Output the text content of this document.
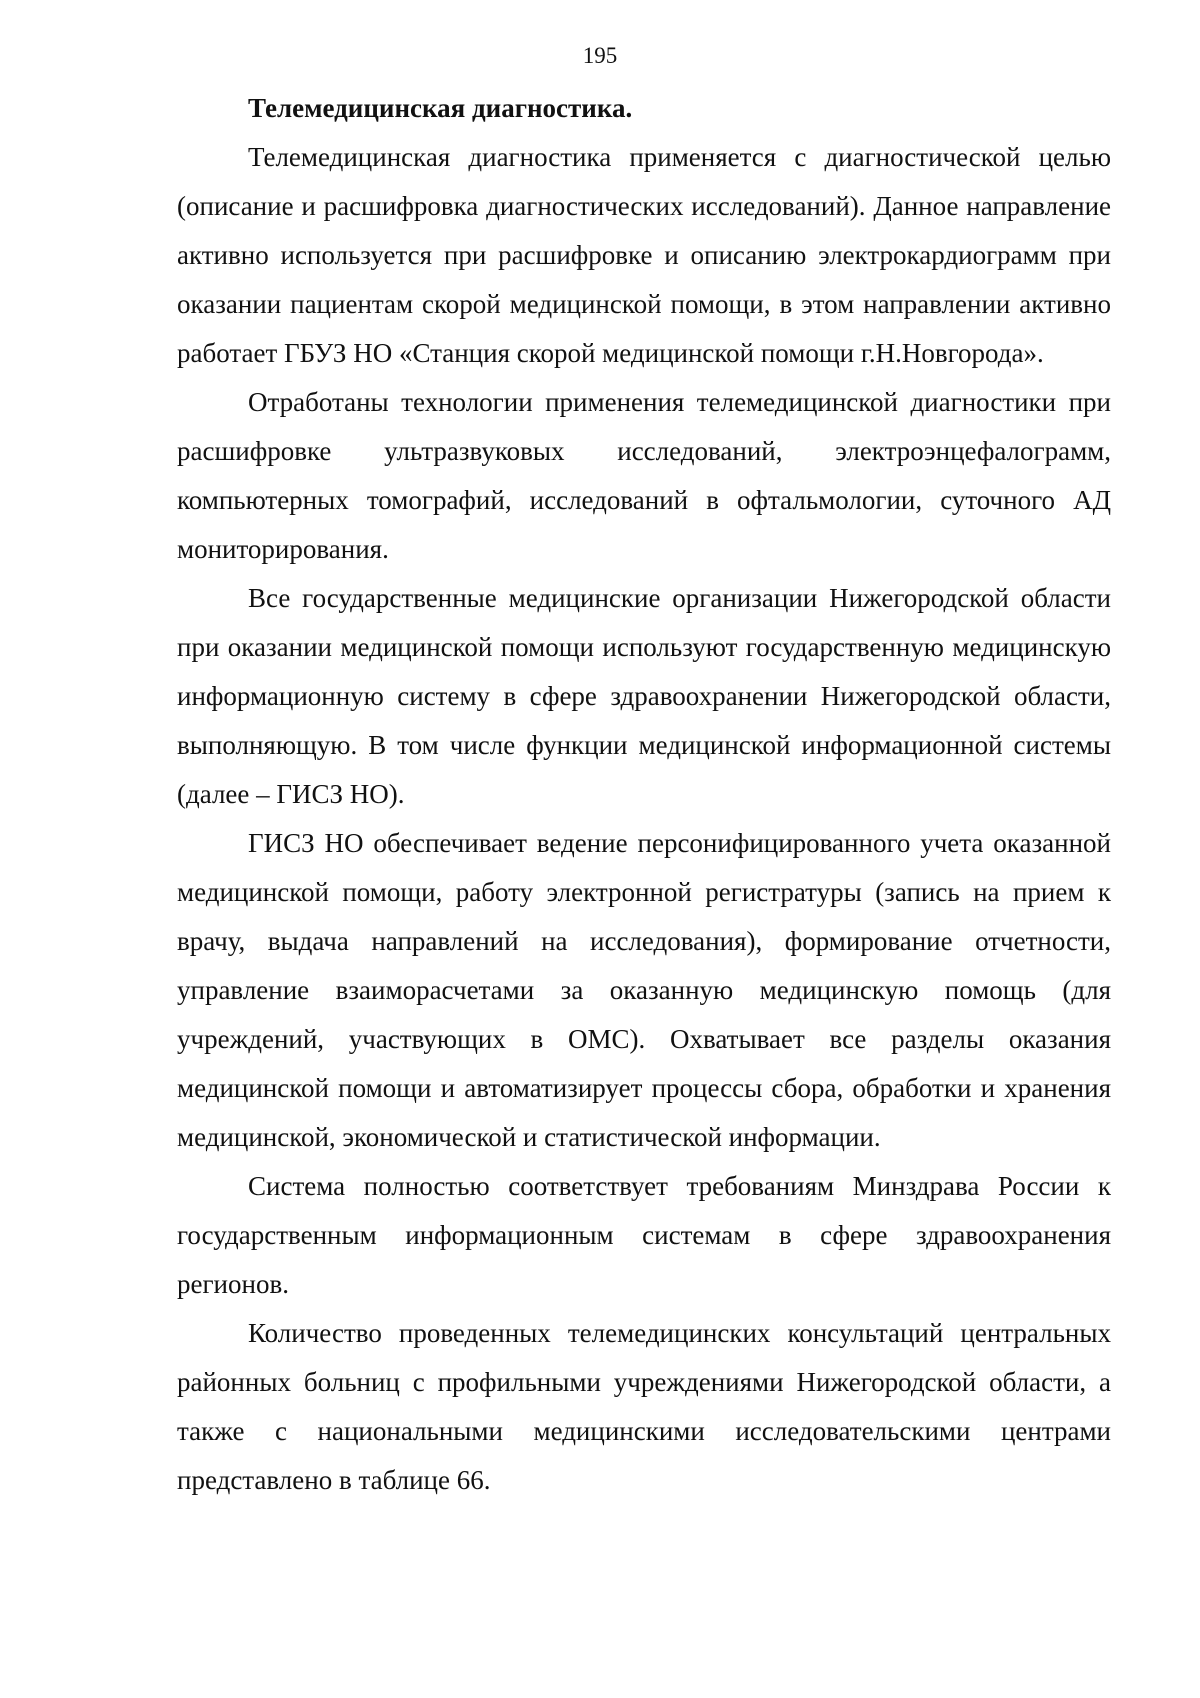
195

Телемедицинская диагностика.

Телемедицинская диагностика применяется с диагностической целью (описание и расшифровка диагностических исследований). Данное направление активно используется при расшифровке и описанию электрокардиограмм при оказании пациентам скорой медицинской помощи, в этом направлении активно работает ГБУЗ НО «Станция скорой медицинской помощи г.Н.Новгорода».

Отработаны технологии применения телемедицинской диагностики при расшифровке ультразвуковых исследований, электроэнцефалограмм, компьютерных томографий, исследований в офтальмологии, суточного АД мониторирования.

Все государственные медицинские организации Нижегородской области при оказании медицинской помощи используют государственную медицинскую информационную систему в сфере здравоохранении Нижегородской области, выполняющую. В том числе функции медицинской информационной системы (далее – ГИСЗ НО).

ГИСЗ НО обеспечивает ведение персонифицированного учета оказанной медицинской помощи, работу электронной регистратуры (запись на прием к врачу, выдача направлений на исследования), формирование отчетности, управление взаиморасчетами за оказанную медицинскую помощь (для учреждений, участвующих в ОМС). Охватывает все разделы оказания медицинской помощи и автоматизирует процессы сбора, обработки и хранения медицинской, экономической и статистической информации.

Система полностью соответствует требованиям Минздрава России к государственным информационным системам в сфере здравоохранения регионов.

Количество проведенных телемедицинских консультаций центральных районных больниц с профильными учреждениями Нижегородской области, а также с национальными медицинскими исследовательскими центрами представлено в таблице 66.
